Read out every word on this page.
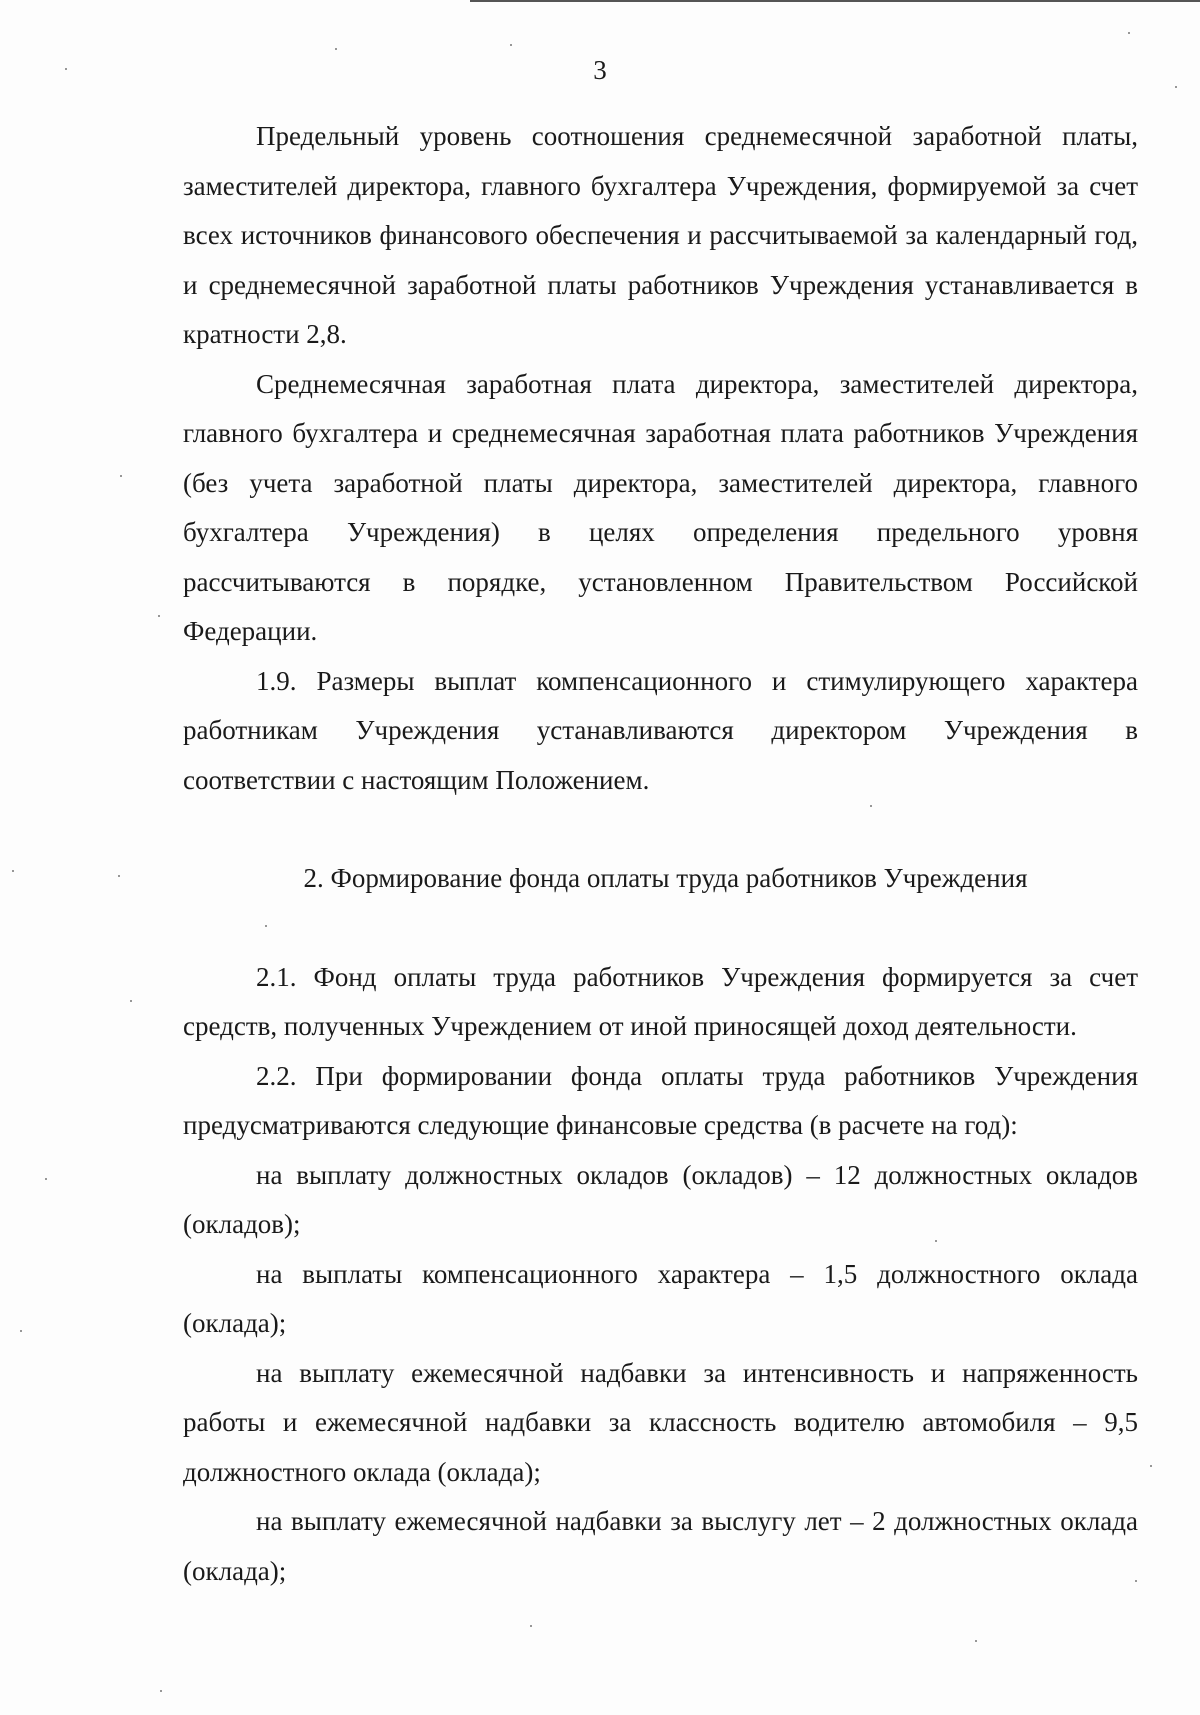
3

Предельный уровень соотношения среднемесячной заработной платы, заместителей директора, главного бухгалтера Учреждения, формируемой за счет всех источников финансового обеспечения и рассчитываемой за календарный год, и среднемесячной заработной платы работников Учреждения устанавливается в кратности 2,8.

Среднемесячная заработная плата директора, заместителей директора, главного бухгалтера и среднемесячная заработная плата работников Учреждения (без учета заработной платы директора, заместителей директора, главного бухгалтера Учреждения) в целях определения предельного уровня рассчитываются в порядке, установленном Правительством Российской Федерации.

1.9. Размеры выплат компенсационного и стимулирующего характера работникам Учреждения устанавливаются директором Учреждения в соответствии с настоящим Положением.

2. Формирование фонда оплаты труда работников Учреждения

2.1. Фонд оплаты труда работников Учреждения формируется за счет средств, полученных Учреждением от иной приносящей доход деятельности.

2.2. При формировании фонда оплаты труда работников Учреждения предусматриваются следующие финансовые средства (в расчете на год):

на выплату должностных окладов (окладов) – 12 должностных окладов (окладов);

на выплаты компенсационного характера – 1,5 должностного оклада (оклада);

на выплату ежемесячной надбавки за интенсивность и напряженность работы и ежемесячной надбавки за классность водителю автомобиля – 9,5 должностного оклада (оклада);

на выплату ежемесячной надбавки за выслугу лет – 2 должностных оклада (оклада);
